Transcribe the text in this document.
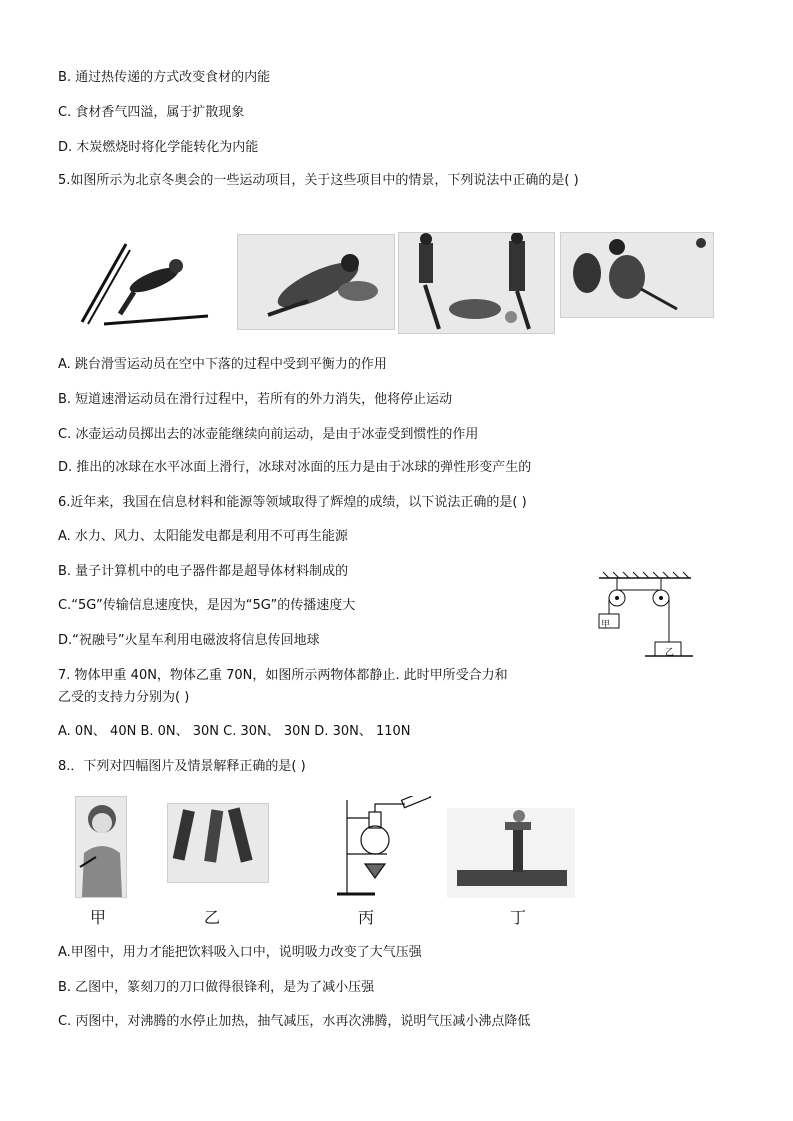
B. 通过热传递的方式改变食材的内能
C. 食材香气四溢，属于扩散现象
D. 木炭燃烧时将化学能转化为内能
5.如图所示为北京冬奥会的一些运动项目，关于这些项目中的情景，下列说法中正确的是( )
A. 跳台滑雪运动员在空中下落的过程中受到平衡力的作用
B. 短道速滑运动员在滑行过程中，若所有的外力消失，他将停止运动
C. 冰壶运动员掷出去的冰壶能继续向前运动，是由于冰壶受到惯性的作用
D. 推出的冰球在水平冰面上滑行，冰球对冰面的压力是由于冰球的弹性形变产生的
6.近年来，我国在信息材料和能源等领域取得了辉煌的成绩，以下说法正确的是( )
A. 水力、风力、太阳能发电都是利用不可再生能源
B. 量子计算机中的电子器件都是超导体材料制成的
C.“5G”传输信息速度快，是因为“5G”的传播速度大
D.“祝融号”火星车利用电磁波将信息传回地球
甲
乙
7. 物体甲重 40N，物体乙重 70N，如图所示两物体都静止. 此时甲所受合力和
乙受的支持力分别为( )
A. 0N、 40N B. 0N、 30N C. 30N、 30N D. 30N、 110N
8.．下列对四幅图片及情景解释正确的是( )
甲	乙	丙	丁
A.甲图中，用力才能把饮料吸入口中，说明吸力改变了大气压强
B. 乙图中，篆刻刀的刀口做得很锋利，是为了减小压强
C. 丙图中，对沸腾的水停止加热，抽气减压，水再次沸腾，说明气压减小沸点降低
